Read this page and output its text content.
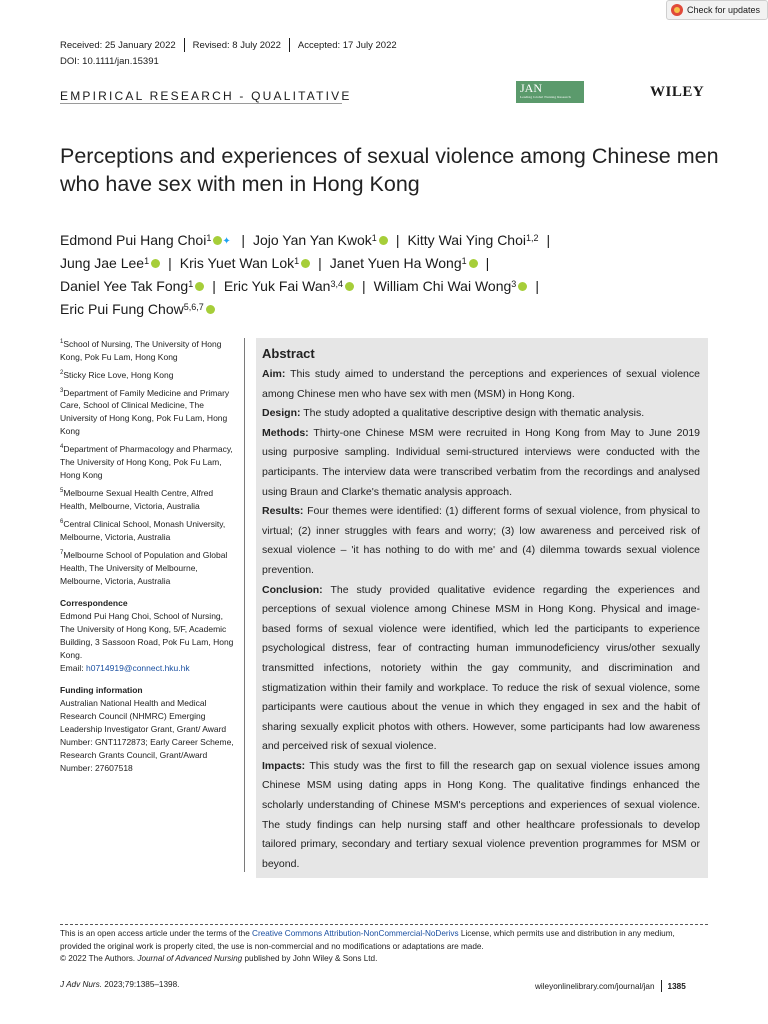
Check for updates
Received: 25 January 2022 Revised: 8 July 2022 Accepted: 17 July 2022
DOI: 10.1111/jan.15391
EMPIRICAL RESEARCH - QUALITATIVE
JAN
Leading Global Nursing Research	WILEY
Perceptions and experiences of sexual violence among Chinese men who have sex with men in Hong Kong
Edmond Pui Hang Choi$^1$ ✦ | Jojo Yan Yan Kwok$^1$ | Kitty Wai Ying Choi$^{1,2}$ |
Jung Jae Lee$^1$ | Kris Yuet Wan Lok$^1$ | Janet Yuen Ha Wong$^1$ |
Daniel Yee Tak Fong$^1$ | Eric Yuk Fai Wan$^{3,4}$ | William Chi Wai Wong$^3$ |
Eric Pui Fung Chow$^{5,6,7}$
$^1$School of Nursing, The University of Hong Kong, Pok Fu Lam, Hong Kong
$^2$Sticky Rice Love, Hong Kong
$^3$Department of Family Medicine and Primary Care, School of Clinical Medicine, The University of Hong Kong, Pok Fu Lam, Hong Kong
$^4$Department of Pharmacology and Pharmacy, The University of Hong Kong, Pok Fu Lam, Hong Kong
$^5$Melbourne Sexual Health Centre, Alfred Health, Melbourne, Victoria, Australia
$^6$Central Clinical School, Monash University, Melbourne, Victoria, Australia
$^7$Melbourne School of Population and Global Health, The University of Melbourne, Melbourne, Victoria, Australia
Correspondence
Edmond Pui Hang Choi, School of Nursing, The University of Hong Kong, 5/F, Academic Building, 3 Sassoon Road, Pok Fu Lam, Hong Kong.
Email: h0714919@connect.hku.hk
Funding information
Australian National Health and Medical Research Council (NHMRC) Emerging Leadership Investigator Grant, Grant/ Award Number: GNT1172873; Early Career Scheme, Research Grants Council, Grant/Award Number: 27607518
Abstract

Aim: This study aimed to understand the perceptions and experiences of sexual violence among Chinese men who have sex with men (MSM) in Hong Kong.

Design: The study adopted a qualitative descriptive design with thematic analysis.

Methods: Thirty-one Chinese MSM were recruited in Hong Kong from May to June 2019 using purposive sampling. Individual semi-structured interviews were conducted with the participants. The interview data were transcribed verbatim from the recordings and analysed using Braun and Clarke's thematic analysis approach.

Results: Four themes were identified: (1) different forms of sexual violence, from physical to virtual; (2) inner struggles with fears and worry; (3) low awareness and perceived risk of sexual violence – 'it has nothing to do with me' and (4) dilemma towards sexual violence prevention.

Conclusion: The study provided qualitative evidence regarding the experiences and perceptions of sexual violence among Chinese MSM in Hong Kong. Physical and image-based forms of sexual violence were identified, which led the participants to experience psychological distress, fear of contracting human immunodeficiency virus/other sexually transmitted infections, notoriety within the gay community, and discrimination and stigmatization within their family and workplace. To reduce the risk of sexual violence, some participants were cautious about the venue in which they engaged in sex and the habit of sharing sexually explicit photos with others. However, some participants had low awareness and perceived risk of sexual violence.

Impacts: This study was the first to fill the research gap on sexual violence issues among Chinese MSM using dating apps in Hong Kong. The qualitative findings enhanced the scholarly understanding of Chinese MSM's perceptions and experiences of sexual violence. The study findings can help nursing staff and other healthcare professionals to develop tailored primary, secondary and tertiary sexual violence prevention programmes for MSM or beyond.

This is an open access article under the terms of the Creative Commons Attribution-NonCommercial-NoDerivs License, which permits use and distribution in any medium, provided the original work is properly cited, the use is non-commercial and no modifications or adaptations are made.
© 2022 The Authors. Journal of Advanced Nursing published by John Wiley & Sons Ltd.
J Adv Nurs. 2023;79:1385–1398.	wileyonlinelibrary.com/journal/jan 1385
